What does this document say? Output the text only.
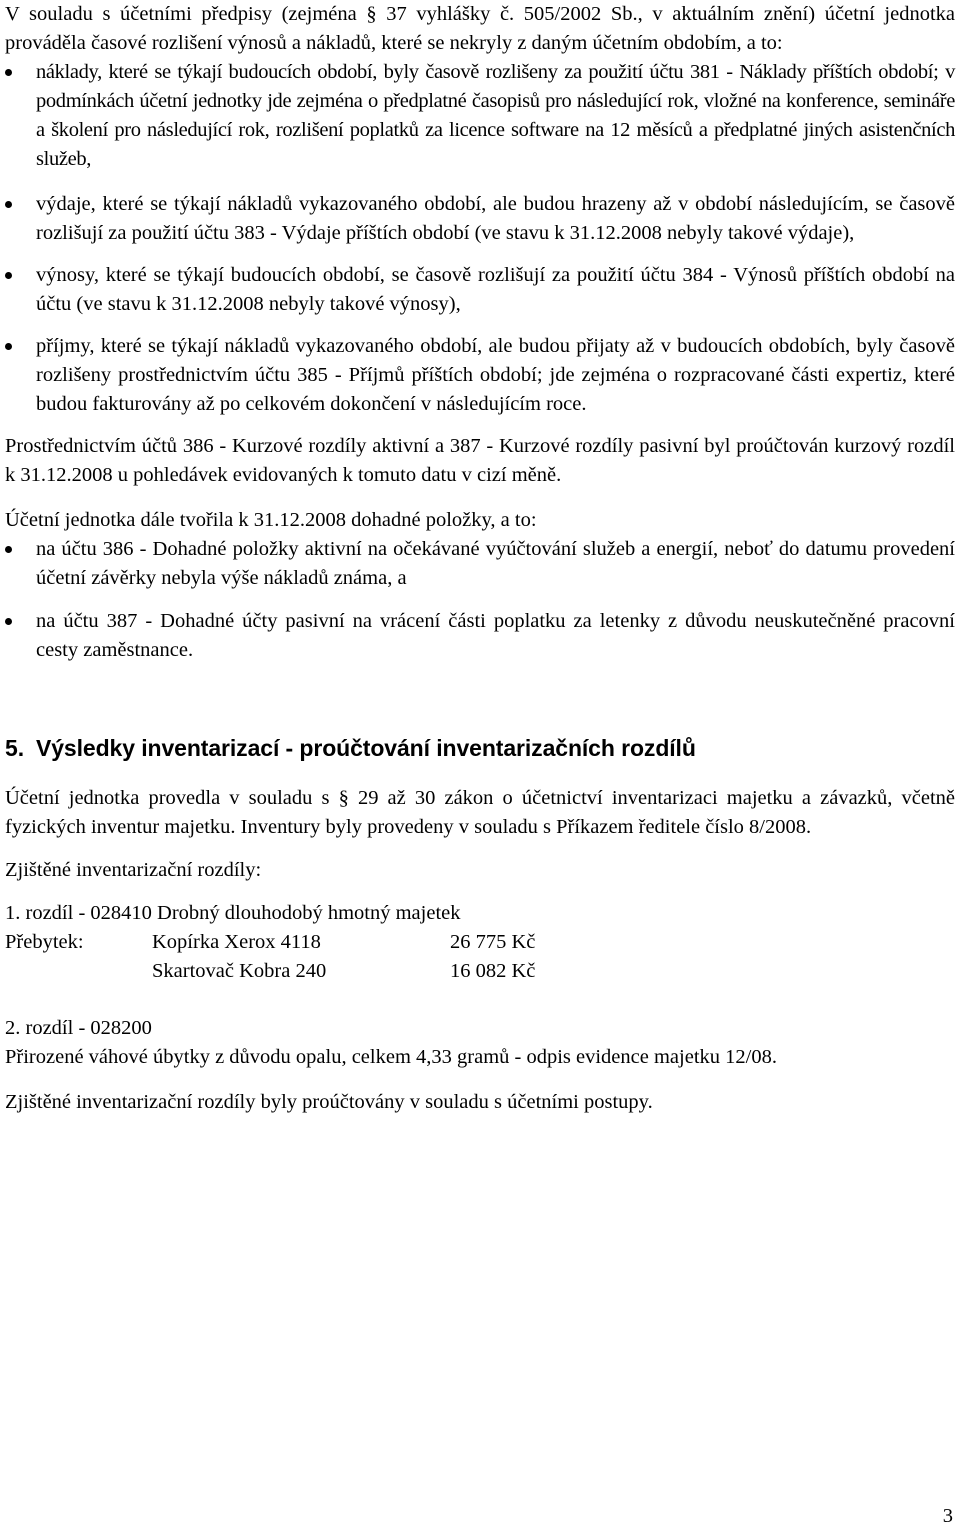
V souladu s účetními předpisy (zejména § 37 vyhlášky č. 505/2002 Sb., v aktuálním znění) účetní jednotka prováděla časové rozlišení výnosů a nákladů, které se nekryly z daným účetním obdobím, a to:

náklady, které se týkají budoucích období, byly časově rozlišeny za použití účtu 381 - Náklady příštích období; v podmínkách účetní jednotky jde zejména o předplatné časopisů pro následující rok, vložné na konference, semináře a školení pro následující rok, rozlišení poplatků za licence software na 12 měsíců a předplatné jiných asistenčních služeb,
výdaje, které se týkají nákladů vykazovaného období, ale budou hrazeny až v období následujícím, se časově rozlišují za použití účtu 383 - Výdaje příštích období (ve stavu k 31.12.2008 nebyly takové výdaje),
výnosy, které se týkají budoucích období, se časově rozlišují za použití účtu 384 - Výnosů příštích období na účtu (ve stavu k 31.12.2008 nebyly takové výnosy),
příjmy, které se týkají nákladů vykazovaného období, ale budou přijaty až v budoucích obdobích, byly časově rozlišeny prostřednictvím účtu 385 - Příjmů příštích období; jde zejména o rozpracované části expertiz, které budou fakturovány až po celkovém dokončení v následujícím roce.

Prostřednictvím účtů 386 - Kurzové rozdíly aktivní a 387 - Kurzové rozdíly pasivní byl proúčtován kurzový rozdíl k 31.12.2008 u pohledávek evidovaných k tomuto datu v cizí měně.

Účetní jednotka dále tvořila k 31.12.2008 dohadné položky, a to:

na účtu 386 - Dohadné položky aktivní na očekávané vyúčtování služeb a energií, neboť do datumu provedení účetní závěrky nebyla výše nákladů známa, a
na účtu 387 - Dohadné účty pasivní na vrácení části poplatku za letenky z důvodu neuskutečněné pracovní cesty zaměstnance.
5. Výsledky inventarizací - proúčtování inventarizačních rozdílů

Účetní jednotka provedla v souladu s § 29 až 30 zákon o účetnictví inventarizaci majetku a závazků, včetně fyzických inventur majetku. Inventury byly provedeny v souladu s Příkazem ředitele číslo 8/2008.

Zjištěné inventarizační rozdíly:

1. rozdíl - 028410 Drobný dlouhodobý hmotný majetek

Přebytek:	Kopírka Xerox 4118	26 775 Kč
Skartovač Kobra 240	16 082 Kč

2. rozdíl - 028200

Přirozené váhové úbytky z důvodu opalu, celkem 4,33 gramů - odpis evidence majetku 12/08.

Zjištěné inventarizační rozdíly byly proúčtovány v souladu s účetními postupy.

3
